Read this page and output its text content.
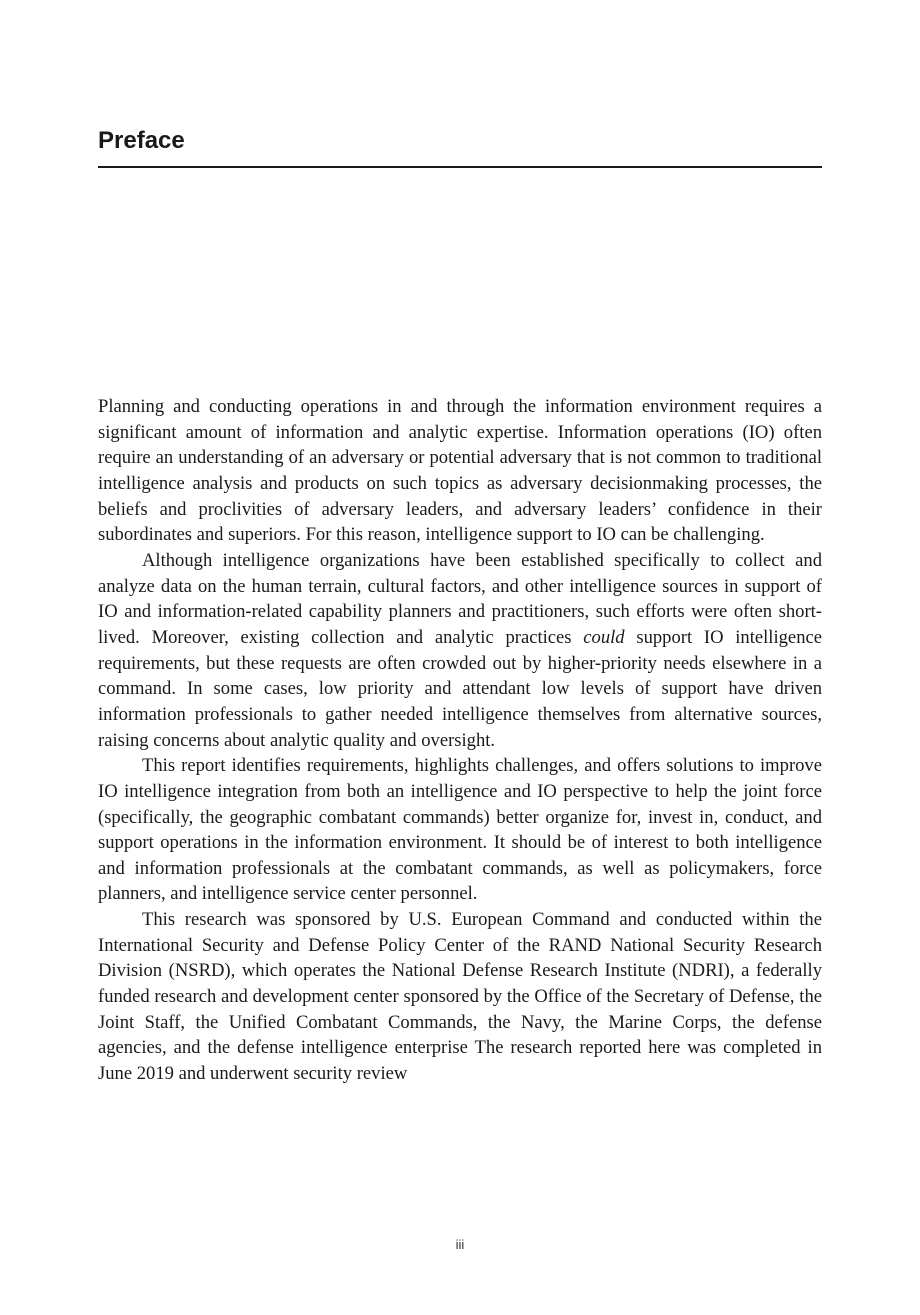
Preface

Planning and conducting operations in and through the information environment requires a significant amount of information and analytic expertise. Information operations (IO) often require an understanding of an adversary or potential adversary that is not common to traditional intelligence analysis and products on such topics as adversary decisionmaking processes, the beliefs and proclivities of adversary leaders, and adversary leaders’ confidence in their subordinates and superiors. For this reason, intelligence support to IO can be challenging.

Although intelligence organizations have been established specifically to collect and analyze data on the human terrain, cultural factors, and other intelligence sources in support of IO and information-related capability planners and practitioners, such efforts were often short-lived. Moreover, existing collection and analytic practices could support IO intelligence requirements, but these requests are often crowded out by higher-priority needs elsewhere in a command. In some cases, low priority and attendant low levels of support have driven information professionals to gather needed intelligence themselves from alternative sources, raising concerns about analytic quality and oversight.

This report identifies requirements, highlights challenges, and offers solutions to improve IO intelligence integration from both an intelligence and IO perspective to help the joint force (specifically, the geographic combatant commands) better organize for, invest in, conduct, and support operations in the information environment. It should be of interest to both intelligence and information professionals at the combatant commands, as well as policymakers, force planners, and intelligence service center personnel.

This research was sponsored by U.S. European Command and conducted within the International Security and Defense Policy Center of the RAND National Security Research Division (NSRD), which operates the National Defense Research Institute (NDRI), a federally funded research and development center sponsored by the Office of the Secretary of Defense, the Joint Staff, the Unified Combatant Commands, the Navy, the Marine Corps, the defense agencies, and the defense intelligence enterprise The research reported here was completed in June 2019 and underwent security review

iii
